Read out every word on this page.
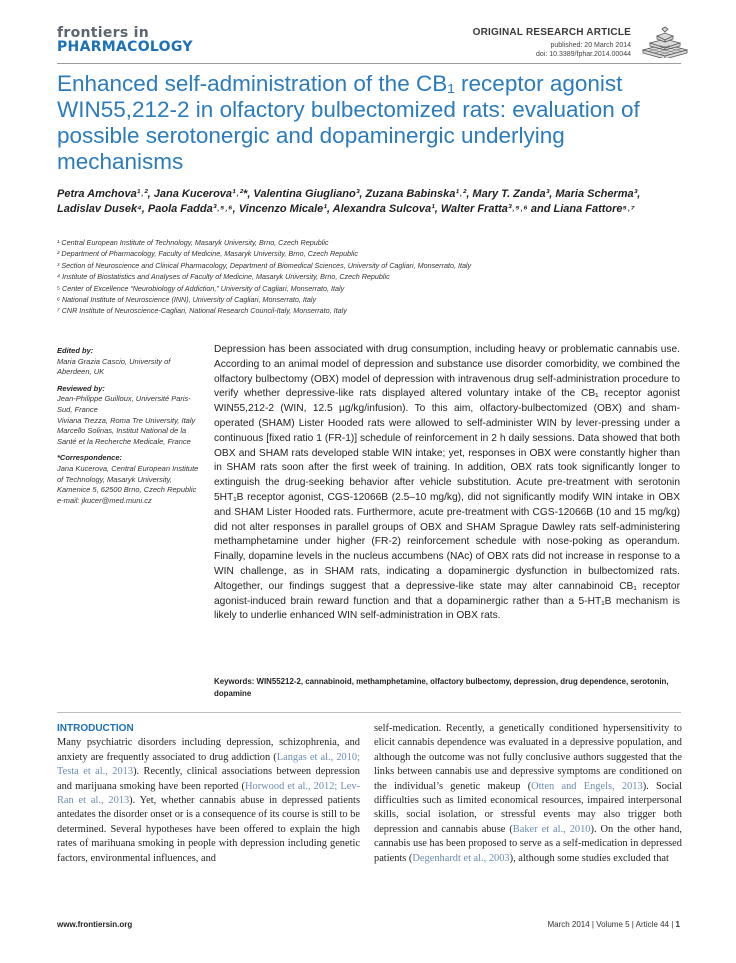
frontiers in
PHARMACOLOGY
ORIGINAL RESEARCH ARTICLE
published: 20 March 2014
doi: 10.3389/fphar.2014.00044
Enhanced self-administration of the CB₁ receptor agonist WIN55,212-2 in olfactory bulbectomized rats: evaluation of possible serotonergic and dopaminergic underlying mechanisms
Petra Amchova¹˒², Jana Kucerova¹˒²*, Valentina Giugliano³, Zuzana Babinska¹˒², Mary T. Zanda³, Maria Scherma³, Ladislav Dusek⁴, Paola Fadda³˒⁵˒⁶, Vincenzo Micale¹, Alexandra Sulcova¹, Walter Fratta³˒⁵˒⁶ and Liana Fattore⁵˒⁷
¹ Central European Institute of Technology, Masaryk University, Brno, Czech Republic
² Department of Pharmacology, Faculty of Medicine, Masaryk University, Brno, Czech Republic
³ Section of Neuroscience and Clinical Pharmacology, Department of Biomedical Sciences, University of Cagliari, Monserrato, Italy
⁴ Institute of Biostatistics and Analyses of Faculty of Medicine, Masaryk University, Brno, Czech Republic
⁵ Center of Excellence “Neurobiology of Addiction,” University of Cagliari, Monserrato, Italy
⁶ National Institute of Neuroscience (INN), University of Cagliari, Monserrato, Italy
⁷ CNR Institute of Neuroscience-Cagliari, National Research Council-Italy, Monserrato, Italy
Edited by:
Maria Grazia Cascio, University of Aberdeen, UK
Reviewed by:
Jean-Philippe Guilloux, Université Paris-Sud, France
Viviana Trezza, Roma Tre University, Italy
Marcello Solinas, Institut National de la Santé et la Recherche Medicale, France
*Correspondence:
Jana Kucerova, Central European Institute of Technology, Masaryk University, Kamenice 5, 62500 Brno, Czech Republic
e-mail: jkucer@med.muni.cz
Depression has been associated with drug consumption, including heavy or problematic cannabis use. According to an animal model of depression and substance use disorder comorbidity, we combined the olfactory bulbectomy (OBX) model of depression with intravenous drug self-administration procedure to verify whether depressive-like rats displayed altered voluntary intake of the CB₁ receptor agonist WIN55,212-2 (WIN, 12.5 µg/kg/infusion). To this aim, olfactory-bulbectomized (OBX) and sham-operated (SHAM) Lister Hooded rats were allowed to self-administer WIN by lever-pressing under a continuous [fixed ratio 1 (FR-1)] schedule of reinforcement in 2 h daily sessions. Data showed that both OBX and SHAM rats developed stable WIN intake; yet, responses in OBX were constantly higher than in SHAM rats soon after the first week of training. In addition, OBX rats took significantly longer to extinguish the drug-seeking behavior after vehicle substitution. Acute pre-treatment with serotonin 5HT₁B receptor agonist, CGS-12066B (2.5–10 mg/kg), did not significantly modify WIN intake in OBX and SHAM Lister Hooded rats. Furthermore, acute pre-treatment with CGS-12066B (10 and 15 mg/kg) did not alter responses in parallel groups of OBX and SHAM Sprague Dawley rats self-administering methamphetamine under higher (FR-2) reinforcement schedule with nose-poking as operandum. Finally, dopamine levels in the nucleus accumbens (NAc) of OBX rats did not increase in response to a WIN challenge, as in SHAM rats, indicating a dopaminergic dysfunction in bulbectomized rats. Altogether, our findings suggest that a depressive-like state may alter cannabinoid CB₁ receptor agonist-induced brain reward function and that a dopaminergic rather than a 5-HT₁B mechanism is likely to underlie enhanced WIN self-administration in OBX rats.
Keywords: WIN55212-2, cannabinoid, methamphetamine, olfactory bulbectomy, depression, drug dependence, serotonin, dopamine
INTRODUCTION
Many psychiatric disorders including depression, schizophrenia, and anxiety are frequently associated to drug addiction (Langas et al., 2010; Testa et al., 2013). Recently, clinical associations between depression and marijuana smoking have been reported (Horwood et al., 2012; Lev-Ran et al., 2013). Yet, whether cannabis abuse in depressed patients antedates the disorder onset or is a consequence of its course is still to be determined. Several hypotheses have been offered to explain the high rates of marihuana smoking in people with depression including genetic factors, environmental influences, and
self-medication. Recently, a genetically conditioned hypersensitivity to elicit cannabis dependence was evaluated in a depressive population, and although the outcome was not fully conclusive authors suggested that the links between cannabis use and depressive symptoms are conditioned on the individual’s genetic makeup (Otten and Engels, 2013). Social difficulties such as limited economical resources, impaired interpersonal skills, social isolation, or stressful events may also trigger both depression and cannabis abuse (Baker et al., 2010). On the other hand, cannabis use has been proposed to serve as a self-medication in depressed patients (Degenhardt et al., 2003), although some studies excluded that
www.frontiersin.org	March 2014 | Volume 5 | Article 44 | 1
